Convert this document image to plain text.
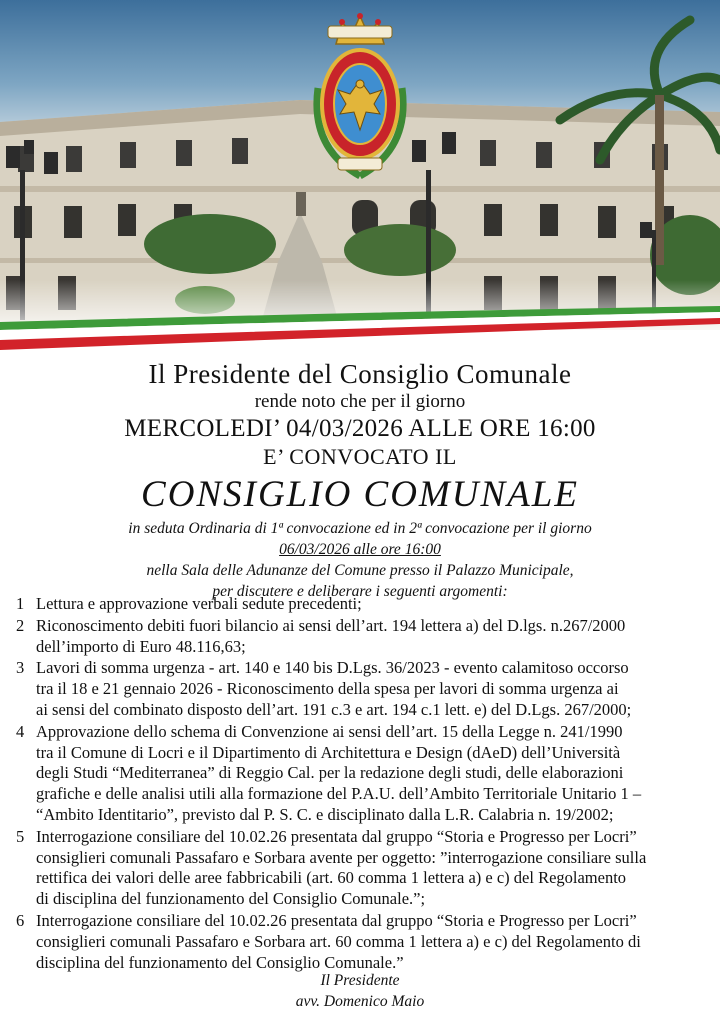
Il Presidente del Consiglio Comunale
rende noto che per il giorno
MERCOLEDI’ 04/03/2026 ALLE ORE 16:00
E’ CONVOCATO IL
CONSIGLIO COMUNALE
in seduta Ordinaria di 1ª convocazione ed in 2ª convocazione per il giorno
06/03/2026 alle ore 16:00
nella Sala delle Adunanze del Comune presso il Palazzo Municipale,
per discutere e deliberare i seguenti argomenti:
1 Lettura e approvazione verbali sedute precedenti;
2 Riconoscimento debiti fuori bilancio ai sensi dell’art. 194 lettera a) del D.lgs. n.267/2000
dell’importo di Euro 48.116,63;
3 Lavori di somma urgenza - art. 140 e 140 bis D.Lgs. 36/2023 - evento calamitoso occorso
tra il 18 e 21 gennaio 2026 - Riconoscimento della spesa per lavori di somma urgenza ai
ai sensi del combinato disposto dell’art. 191 c.3 e art. 194 c.1 lett. e) del D.Lgs. 267/2000;
4 Approvazione dello schema di Convenzione ai sensi dell’art. 15 della Legge n. 241/1990
tra il Comune di Locri e il Dipartimento di Architettura e Design (dAeD) dell’Università
degli Studi “Mediterranea” di Reggio Cal. per la redazione degli studi, delle elaborazioni
grafiche e delle analisi utili alla formazione del P.A.U. dell’Ambito Territoriale Unitario 1 –
“Ambito Identitario”, previsto dal P. S. C. e disciplinato dalla L.R. Calabria n. 19/2002;
5 Interrogazione consiliare del 10.02.26 presentata dal gruppo “Storia e Progresso per Locri”
consiglieri comunali Passafaro e Sorbara avente per oggetto: ”interrogazione consiliare sulla
rettifica dei valori delle aree fabbricabili (art. 60 comma 1 lettera a) e c) del Regolamento
di disciplina del funzionamento del Consiglio Comunale.”;
6 Interrogazione consiliare del 10.02.26 presentata dal gruppo “Storia e Progresso per Locri”
consiglieri comunali Passafaro e Sorbara art. 60 comma 1 lettera a) e c) del Regolamento di
disciplina del funzionamento del Consiglio Comunale.”
Il Presidente
avv. Domenico Maio
